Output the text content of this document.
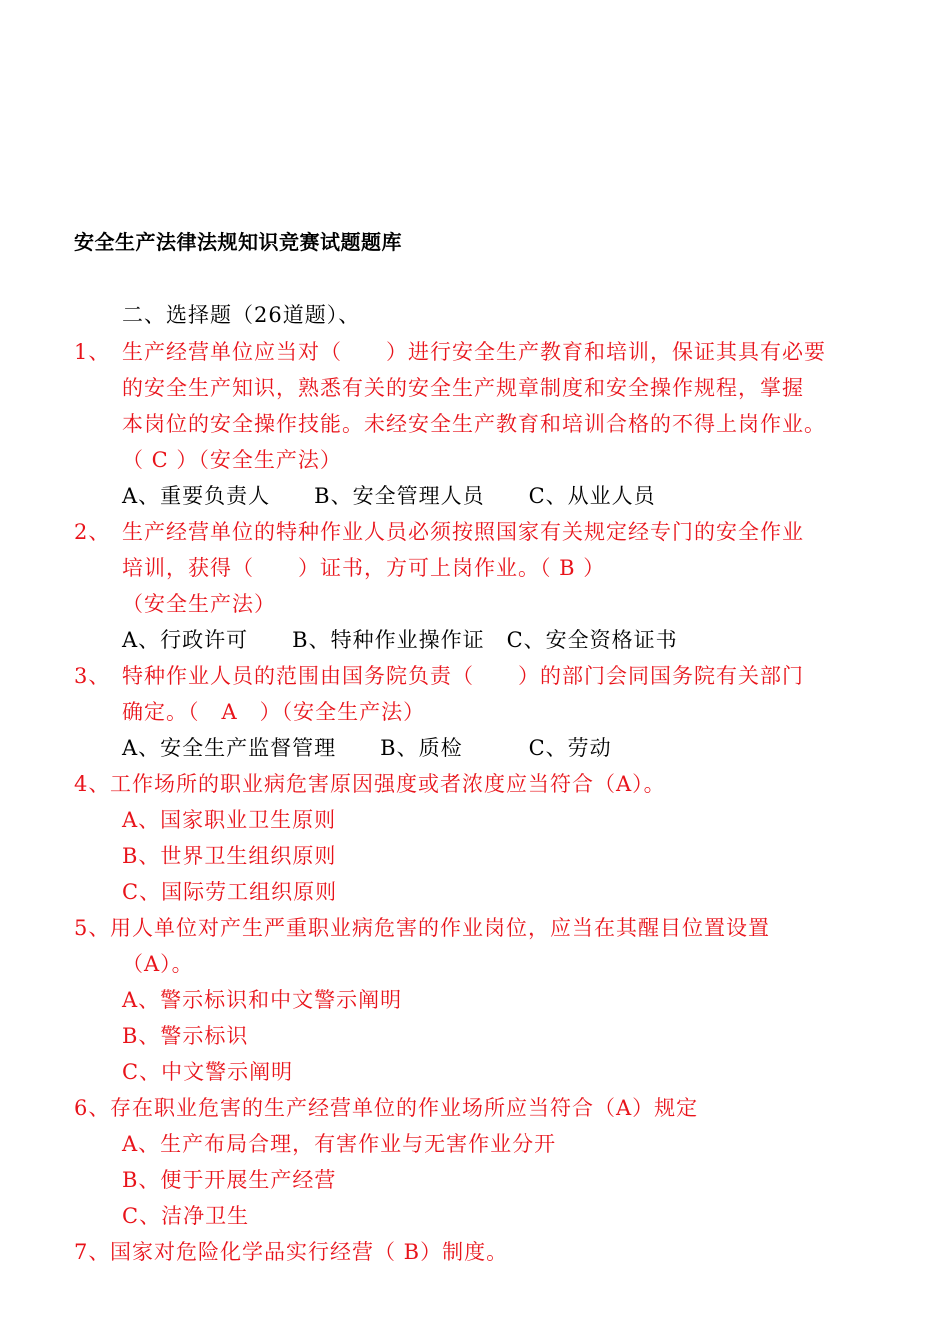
安全生产法律法规知识竞赛试题题库
二、选择题（26道题）、
1、 生产经营单位应当对（　　）进行安全生产教育和培训，保证其具有必要
的安全生产知识，熟悉有关的安全生产规章制度和安全操作规程，掌握
本岗位的安全操作技能。未经安全生产教育和培训合格的不得上岗作业。
（ C ）（安全生产法）
A、重要负责人　　B、安全管理人员　　C、从业人员
2、 生产经营单位的特种作业人员必须按照国家有关规定经专门的安全作业
培训，获得（　　）证书，方可上岗作业。（ B ）
（安全生产法）
A、行政许可　　B、特种作业操作证　C、安全资格证书
3、 特种作业人员的范围由国务院负责（　　）的部门会同国务院有关部门
确定。（　A　）（安全生产法）
A、安全生产监督管理　　B、质检　　　C、劳动
4、 工作场所的职业病危害原因强度或者浓度应当符合（A）。
A、国家职业卫生原则
B、世界卫生组织原则
C、国际劳工组织原则
5、 用人单位对产生严重职业病危害的作业岗位，应当在其醒目位置设置
（A）。
A、警示标识和中文警示阐明
B、警示标识
C、中文警示阐明
6、 存在职业危害的生产经营单位的作业场所应当符合（A）规定
A、生产布局合理，有害作业与无害作业分开
B、便于开展生产经营
C、洁净卫生
7、 国家对危险化学品实行经营（ B）制度。
